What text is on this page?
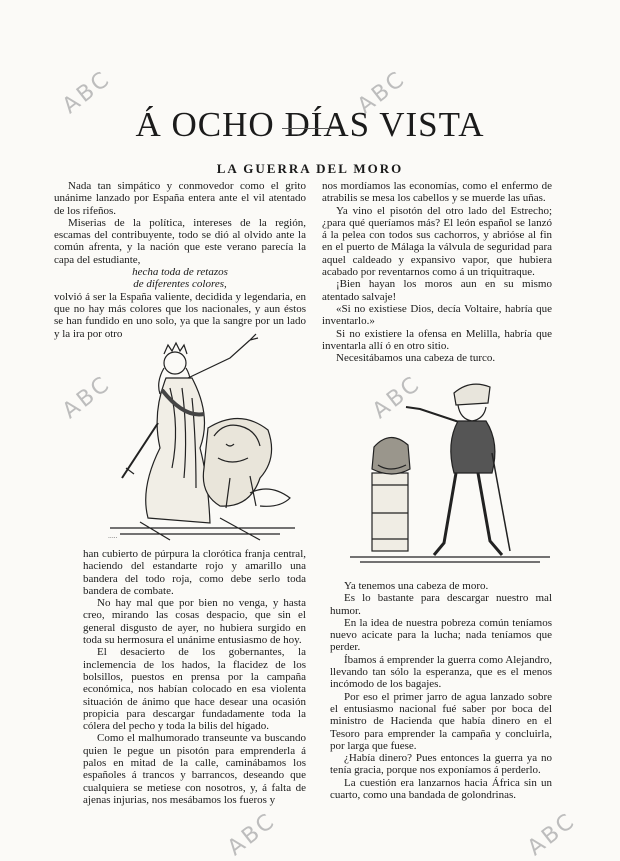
Á OCHO DÍAS VISTA
LA GUERRA DEL MORO

Nada tan simpático y conmovedor como el grito unánime lanzado por España entera ante el vil atentado de los rifeños.

Miserias de la política, intereses de la región, escamas del contribuyente, todo se dió al olvido ante la común afrenta, y la nación que este verano parecía la capa del estudiante,

hecha toda de retazos

de diferentes colores,

volvió á ser la España valiente, decidida y legendaria, en que no hay más colores que los nacionales, y aun éstos se han fundido en uno solo, ya que la sangre por un lado y la ira por otro

·····

han cubierto de púrpura la clorótica franja central, haciendo del estandarte rojo y amarillo una bandera del todo roja, como debe serlo toda bandera de combate.

No hay mal que por bien no venga, y hasta creo, mirando las cosas despacio, que sin el general disgusto de ayer, no hubiera surgido en toda su hermosura el unánime entusiasmo de hoy.

El desacierto de los gobernantes, la inclemencia de los hados, la flacidez de los bolsillos, puestos en prensa por la campaña económica, nos habían colocado en esa violenta situación de ánimo que hace desear una ocasión propicia para descargar fundadamente toda la cólera del pecho y toda la bilis del hígado.

Como el malhumorado transeunte va buscando quien le pegue un pisotón para emprenderla á palos en mitad de la calle, caminábamos los españoles á trancos y barrancos, deseando que cualquiera se metiese con nosotros, y, á falta de ajenas injurias, nos mesábamos los fueros y

nos mordíamos las economías, como el enfermo de atrabilis se mesa los cabellos y se muerde las uñas.

Ya vino el pisotón del otro lado del Estrecho; ¿para qué queríamos más? El león español se lanzó á la pelea con todos sus cachorros, y abrióse al fin en el puerto de Málaga la válvula de seguridad para aquel caldeado y expansivo vapor, que hubiera acabado por reventarnos como á un triquitraque.

¡Bien hayan los moros aun en su mismo atentado salvaje!

«Si no existiese Dios, decía Voltaire, habría que inventarlo.»

Si no existiere la ofensa en Melilla, habría que inventarla allí ó en otro sitio.

Necesitábamos una cabeza de turco.

Ya tenemos una cabeza de moro.

Es lo bastante para descargar nuestro mal humor.

En la idea de nuestra pobreza común teníamos nuevo acicate para la lucha; nada teníamos que perder.

Íbamos á emprender la guerra como Alejandro, llevando tan sólo la esperanza, que es el menos incómodo de los bagajes.

Por eso el primer jarro de agua lanzado sobre el entusiasmo nacional fué saber por boca del ministro de Hacienda que había dinero en el Tesoro para emprender la campaña y concluirla, por larga que fuese.

¿Había dinero? Pues entonces la guerra ya no tenía gracia, porque nos exponíamos á perderlo.

La cuestión era lanzarnos hacia África sin un cuarto, como una bandada de golondrinas.

ABC	ABC
ABC	ABC
ABC	ABC
